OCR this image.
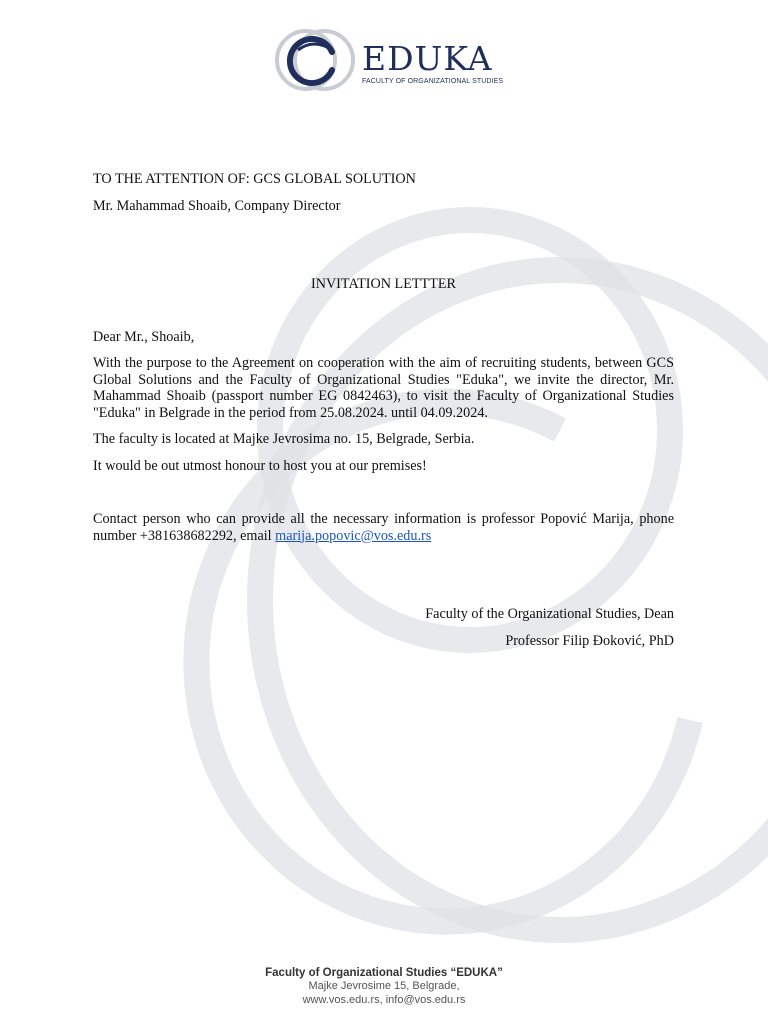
EDUKA
FACULTY OF ORGANIZATIONAL STUDIES

TO THE ATTENTION OF: GCS GLOBAL SOLUTION

Mr. Mahammad Shoaib, Company Director

INVITATION LETTTER

Dear Mr., Shoaib,

With the purpose to the Agreement on cooperation with the aim of recruiting students, between GCS Global Solutions and the Faculty of Organizational Studies "Eduka", we invite the director, Mr. Mahammad Shoaib (passport number EG 0842463), to visit the Faculty of Organizational Studies "Eduka" in Belgrade in the period from 25.08.2024. until 04.09.2024.

The faculty is located at Majke Jevrosima no. 15, Belgrade, Serbia.

It would be out utmost honour to host you at our premises!

Contact person who can provide all the necessary information is professor Popović Marija, phone number +381638682292, email marija.popovic@vos.edu.rs

Faculty of the Organizational Studies, Dean

Professor Filip Đoković, PhD

Faculty of Organizational Studies “EDUKA”
Majke Jevrosime 15, Belgrade,
www.vos.edu.rs, info@vos.edu.rs
